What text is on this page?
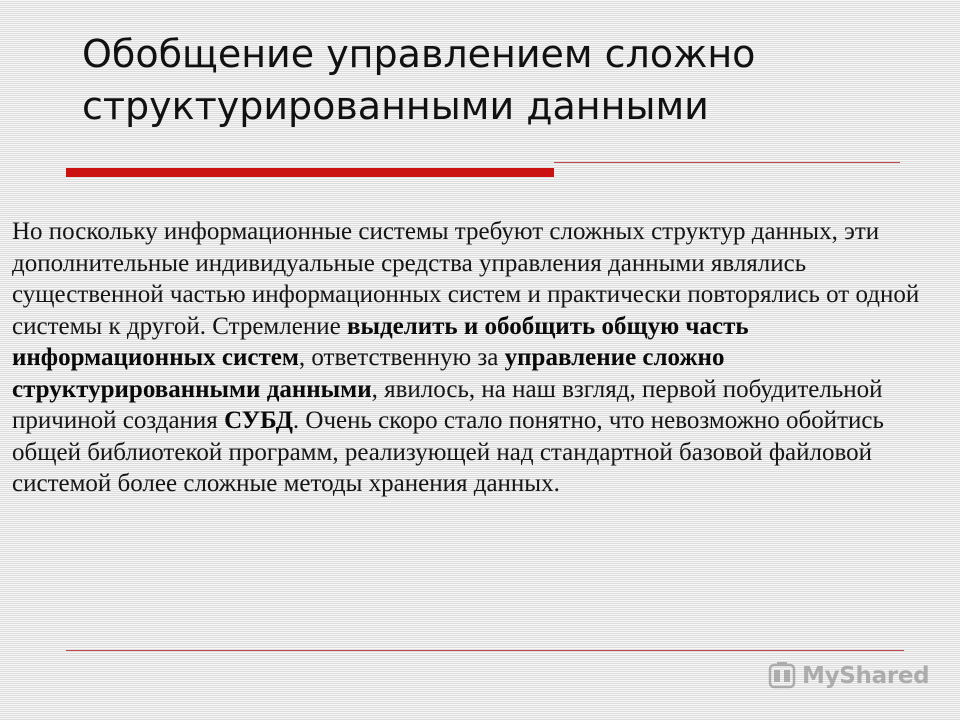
Обобщение управлением сложно структурированными данными

Но поскольку информационные системы требуют сложных структур данных, эти дополнительные индивидуальные средства управления данными являлись существенной частью информационных систем и практически повторялись от одной системы к другой. Стремление выделить и обобщить общую часть информационных систем, ответственную за управление сложно структурированными данными, явилось, на наш взгляд, первой побудительной причиной создания СУБД. Очень скоро стало понятно, что невозможно обойтись общей библиотекой программ, реализующей над стандартной базовой файловой системой более сложные методы хранения данных.

MyShared
